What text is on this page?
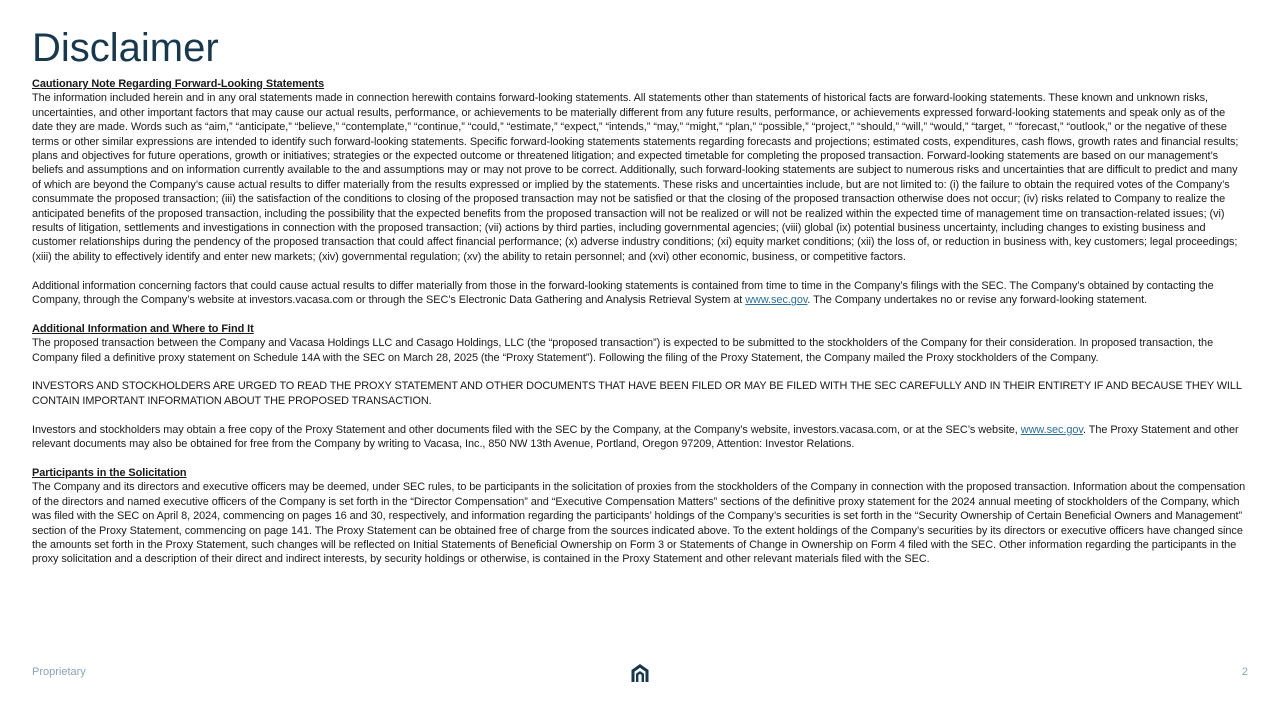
Disclaimer
Cautionary Note Regarding Forward-Looking Statements

The information included herein and in any oral statements made in connection herewith contains forward-looking statements. All statements other than statements of historical facts are forward-looking statements. These known and unknown risks, uncertainties, and other important factors that may cause our actual results, performance, or achievements to be materially different from any future results, performance, or achievements expressed forward-looking statements and speak only as of the date they are made. Words such as “aim,” “anticipate,” “believe,” “contemplate,” “continue,” “could,” “estimate,” “expect,” “intends,” “may,” “might,” “plan,” “possible,” “project,” “should,” “will,” “would,” “target, ” “forecast,” “outlook,” or the negative of these terms or other similar expressions are intended to identify such forward-looking statements. Specific forward-looking statements statements regarding forecasts and projections; estimated costs, expenditures, cash flows, growth rates and financial results; plans and objectives for future operations, growth or initiatives; strategies or the expected outcome or threatened litigation; and expected timetable for completing the proposed transaction. Forward-looking statements are based on our management’s beliefs and assumptions and on information currently available to the and assumptions may or may not prove to be correct. Additionally, such forward-looking statements are subject to numerous risks and uncertainties that are difficult to predict and many of which are beyond the Company’s cause actual results to differ materially from the results expressed or implied by the statements. These risks and uncertainties include, but are not limited to: (i) the failure to obtain the required votes of the Company’s consummate the proposed transaction; (iii) the satisfaction of the conditions to closing of the proposed transaction may not be satisfied or that the closing of the proposed transaction otherwise does not occur; (iv) risks related to Company to realize the anticipated benefits of the proposed transaction, including the possibility that the expected benefits from the proposed transaction will not be realized or will not be realized within the expected time of management time on transaction-related issues; (vi) results of litigation, settlements and investigations in connection with the proposed transaction; (vii) actions by third parties, including governmental agencies; (viii) global (ix) potential business uncertainty, including changes to existing business and customer relationships during the pendency of the proposed transaction that could affect financial performance; (x) adverse industry conditions; (xi) equity market conditions; (xii) the loss of, or reduction in business with, key customers; legal proceedings; (xiii) the ability to effectively identify and enter new markets; (xiv) governmental regulation; (xv) the ability to retain personnel; and (xvi) other economic, business, or competitive factors.

Additional information concerning factors that could cause actual results to differ materially from those in the forward-looking statements is contained from time to time in the Company’s filings with the SEC. The Company’s obtained by contacting the Company, through the Company’s website at investors.vacasa.com or through the SEC’s Electronic Data Gathering and Analysis Retrieval System at www.sec.gov. The Company undertakes no or revise any forward-looking statement.

Additional Information and Where to Find It

The proposed transaction between the Company and Vacasa Holdings LLC and Casago Holdings, LLC (the “proposed transaction”) is expected to be submitted to the stockholders of the Company for their consideration. In proposed transaction, the Company filed a definitive proxy statement on Schedule 14A with the SEC on March 28, 2025 (the “Proxy Statement”). Following the filing of the Proxy Statement, the Company mailed the Proxy stockholders of the Company.

INVESTORS AND STOCKHOLDERS ARE URGED TO READ THE PROXY STATEMENT AND OTHER DOCUMENTS THAT HAVE BEEN FILED OR MAY BE FILED WITH THE SEC CAREFULLY AND IN THEIR ENTIRETY IF AND BECAUSE THEY WILL CONTAIN IMPORTANT INFORMATION ABOUT THE PROPOSED TRANSACTION.

Investors and stockholders may obtain a free copy of the Proxy Statement and other documents filed with the SEC by the Company, at the Company’s website, investors.vacasa.com, or at the SEC’s website, www.sec.gov. The Proxy Statement and other relevant documents may also be obtained for free from the Company by writing to Vacasa, Inc., 850 NW 13th Avenue, Portland, Oregon 97209, Attention: Investor Relations.

Participants in the Solicitation

The Company and its directors and executive officers may be deemed, under SEC rules, to be participants in the solicitation of proxies from the stockholders of the Company in connection with the proposed transaction. Information about the compensation of the directors and named executive officers of the Company is set forth in the “Director Compensation” and “Executive Compensation Matters” sections of the definitive proxy statement for the 2024 annual meeting of stockholders of the Company, which was filed with the SEC on April 8, 2024, commencing on pages 16 and 30, respectively, and information regarding the participants’ holdings of the Company’s securities is set forth in the “Security Ownership of Certain Beneficial Owners and Management” section of the Proxy Statement, commencing on page 141. The Proxy Statement can be obtained free of charge from the sources indicated above. To the extent holdings of the Company’s securities by its directors or executive officers have changed since the amounts set forth in the Proxy Statement, such changes will be reflected on Initial Statements of Beneficial Ownership on Form 3 or Statements of Change in Ownership on Form 4 filed with the SEC. Other information regarding the participants in the proxy solicitation and a description of their direct and indirect interests, by security holdings or otherwise, is contained in the Proxy Statement and other relevant materials filed with the SEC.

Proprietary	2
